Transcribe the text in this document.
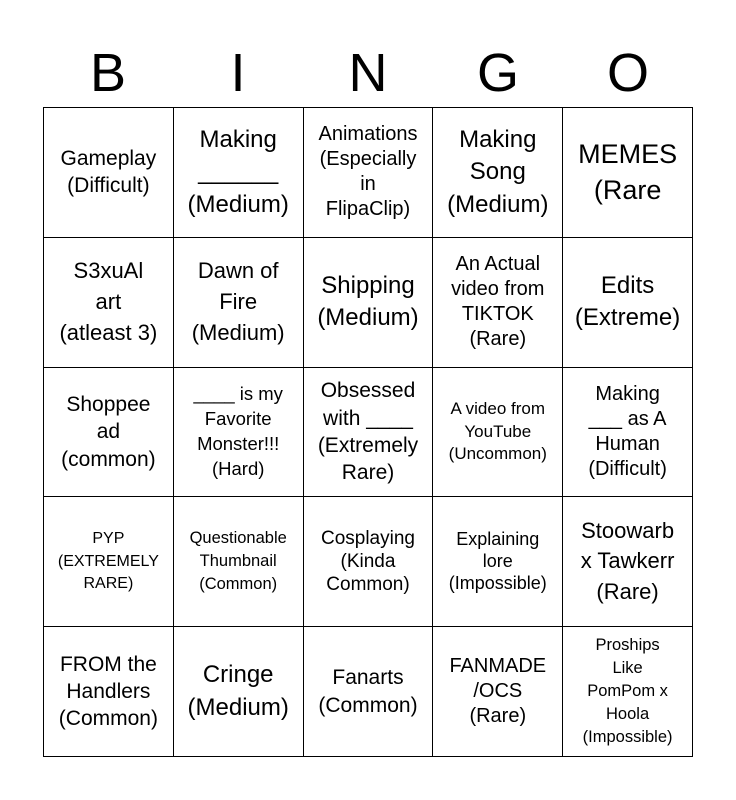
B	I	N	G	O
Gameplay
(Difficult)
Making
______
(Medium)
Animations
(Especially
in
FlipaClip)
Making
Song
(Medium)
MEMES
(Rare
S3xuAl
art
(atleast 3)
Dawn of
Fire
(Medium)
Shipping
(Medium)
An Actual
video from
TIKTOK
(Rare)
Edits
(Extreme)
Shoppee
ad
(common)
____ is my
Favorite
Monster!!!
(Hard)
Obsessed
with ____
(Extremely
Rare)
A video from
YouTube
(Uncommon)
Making
___ as A
Human
(Difficult)
PYP
(EXTREMELY
RARE)
Questionable
Thumbnail
(Common)
Cosplaying
(Kinda
Common)
Explaining
lore
(Impossible)
Stoowarb
x Tawkerr
(Rare)
FROM the
Handlers
(Common)
Cringe
(Medium)
Fanarts
(Common)
FANMADE
/OCS
(Rare)
Proships
Like
PomPom x
Hoola
(Impossible)
